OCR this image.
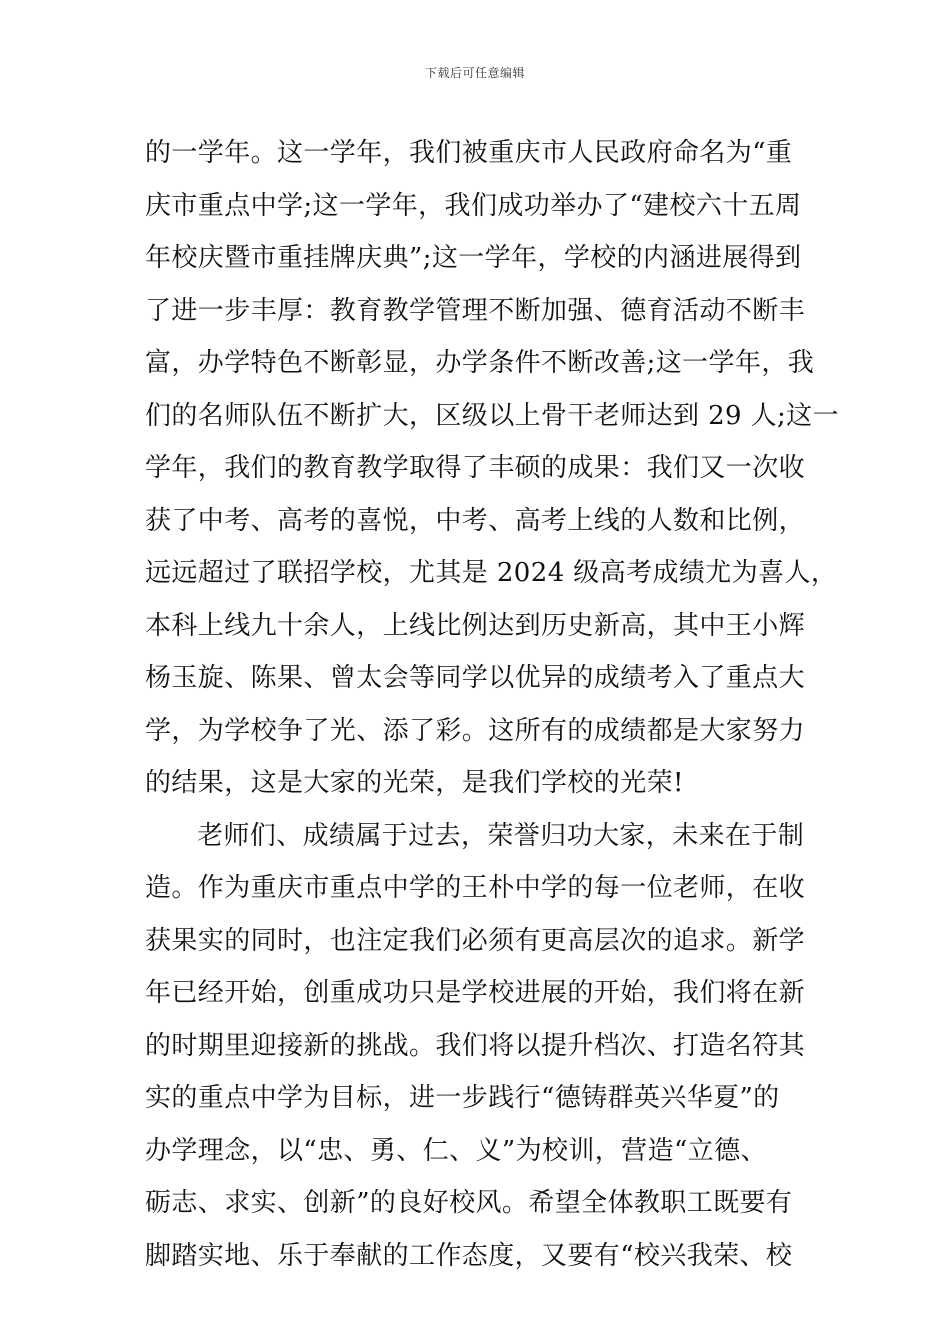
下载后可任意编辑
的一学年。这一学年，我们被重庆市人民政府命名为“重
庆市重点中学;这一学年，我们成功举办了“建校六十五周
年校庆暨市重挂牌庆典”;这一学年，学校的内涵进展得到
了进一步丰厚：教育教学管理不断加强、德育活动不断丰
富，办学特色不断彰显，办学条件不断改善;这一学年，我
们的名师队伍不断扩大，区级以上骨干老师达到 29 人;这一
学年，我们的教育教学取得了丰硕的成果：我们又一次收
获了中考、高考的喜悦，中考、高考上线的人数和比例，
远远超过了联招学校，尤其是 2024 级高考成绩尤为喜人，
本科上线九十余人，上线比例达到历史新高，其中王小辉
杨玉旋、陈果、曾太会等同学以优异的成绩考入了重点大
学，为学校争了光、添了彩。这所有的成绩都是大家努力
的结果，这是大家的光荣，是我们学校的光荣!
老师们、成绩属于过去，荣誉归功大家，未来在于制
造。作为重庆市重点中学的王朴中学的每一位老师，在收
获果实的同时，也注定我们必须有更高层次的追求。新学
年已经开始，创重成功只是学校进展的开始，我们将在新
的时期里迎接新的挑战。我们将以提升档次、打造名符其
实的重点中学为目标，进一步践行“德铸群英兴华夏”的
办学理念，以“忠、勇、仁、义”为校训，营造“立德、
砺志、求实、创新”的良好校风。希望全体教职工既要有
脚踏实地、乐于奉献的工作态度，又要有“校兴我荣、校
